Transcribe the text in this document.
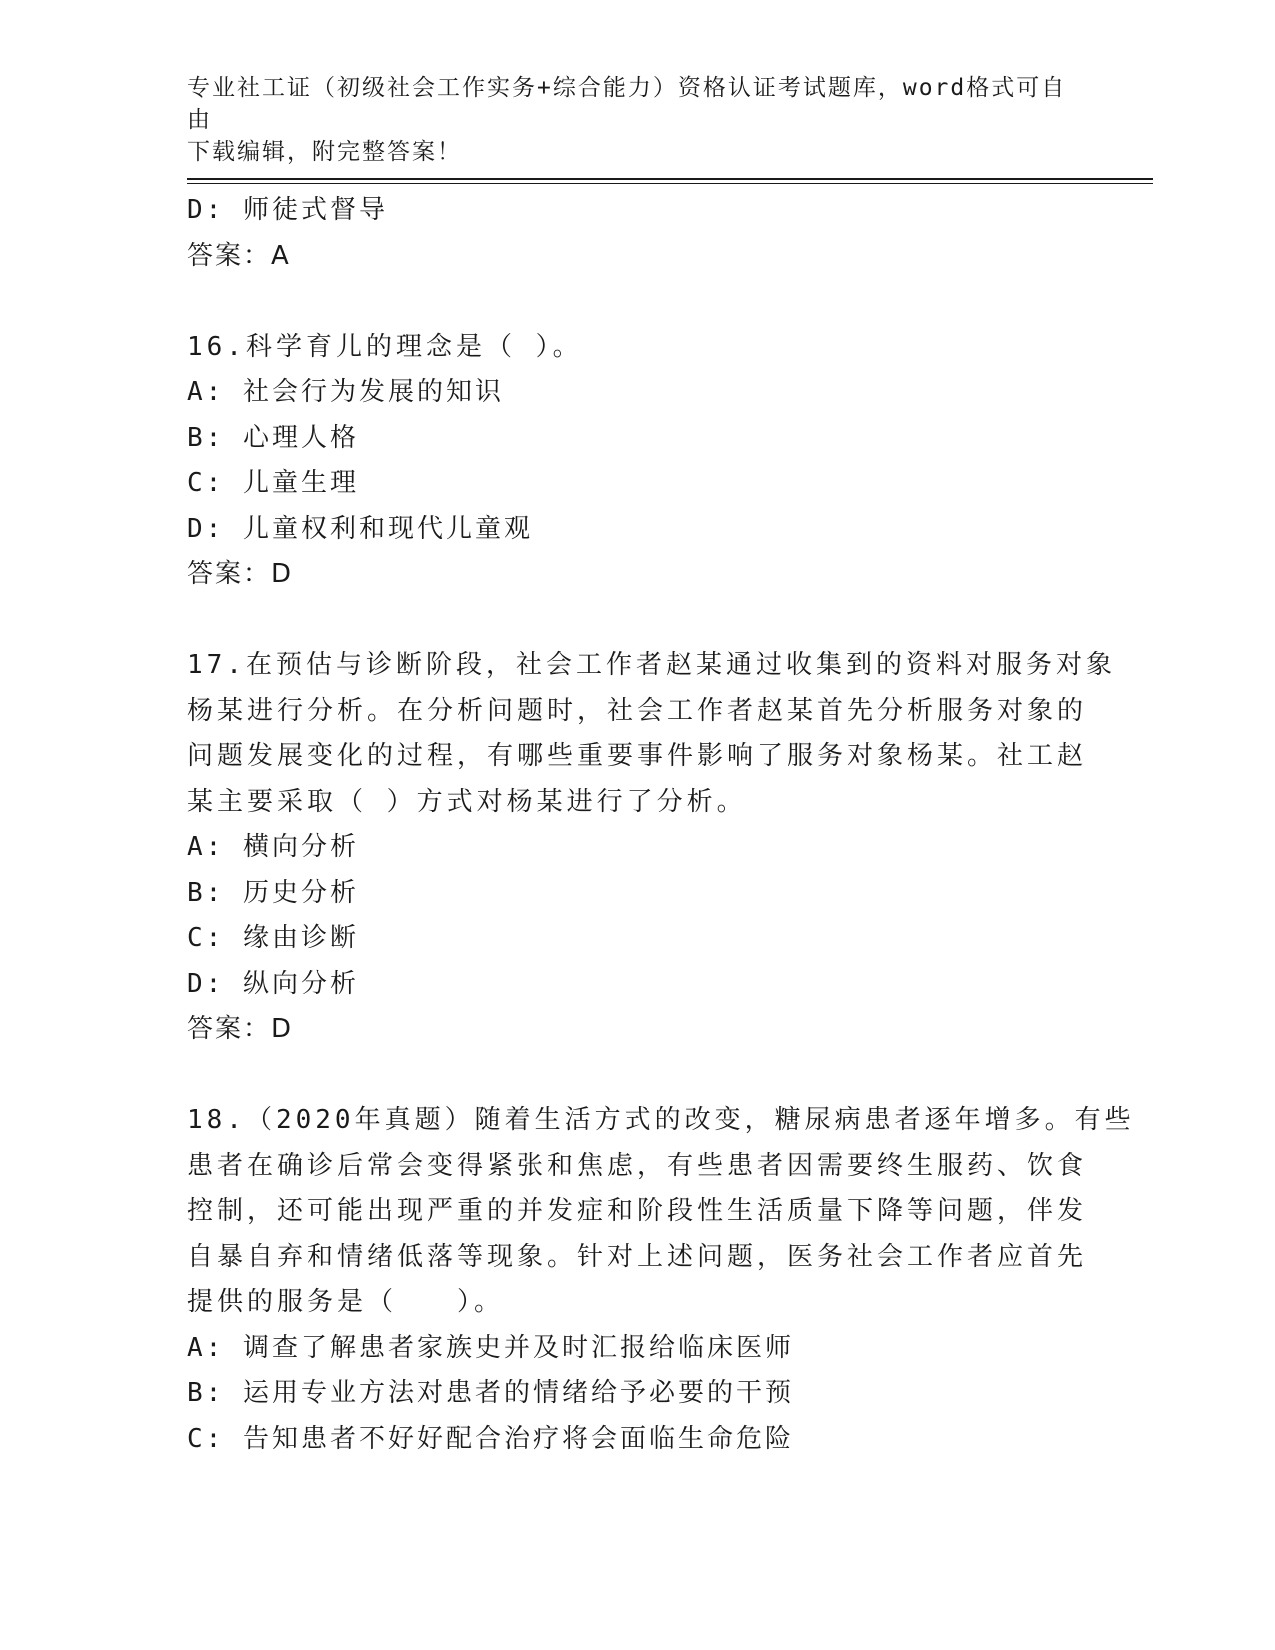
专业社工证（初级社会工作实务+综合能力）资格认证考试题库，word格式可自由
下载编辑，附完整答案！
D: 师徒式督导
答案：A
16.科学育儿的理念是（ ）。
A: 社会行为发展的知识
B: 心理人格
C: 儿童生理
D: 儿童权利和现代儿童观
答案：D
17.在预估与诊断阶段，社会工作者赵某通过收集到的资料对服务对象
杨某进行分析。在分析问题时，社会工作者赵某首先分析服务对象的
问题发展变化的过程，有哪些重要事件影响了服务对象杨某。社工赵
某主要采取（ ）方式对杨某进行了分析。
A: 横向分析
B: 历史分析
C: 缘由诊断
D: 纵向分析
答案：D
18.（2020年真题）随着生活方式的改变，糖尿病患者逐年增多。有些
患者在确诊后常会变得紧张和焦虑，有些患者因需要终生服药、饮食
控制，还可能出现严重的并发症和阶段性生活质量下降等问题，伴发
自暴自弃和情绪低落等现象。针对上述问题，医务社会工作者应首先
提供的服务是（　　）。
A: 调查了解患者家族史并及时汇报给临床医师
B: 运用专业方法对患者的情绪给予必要的干预
C: 告知患者不好好配合治疗将会面临生命危险
